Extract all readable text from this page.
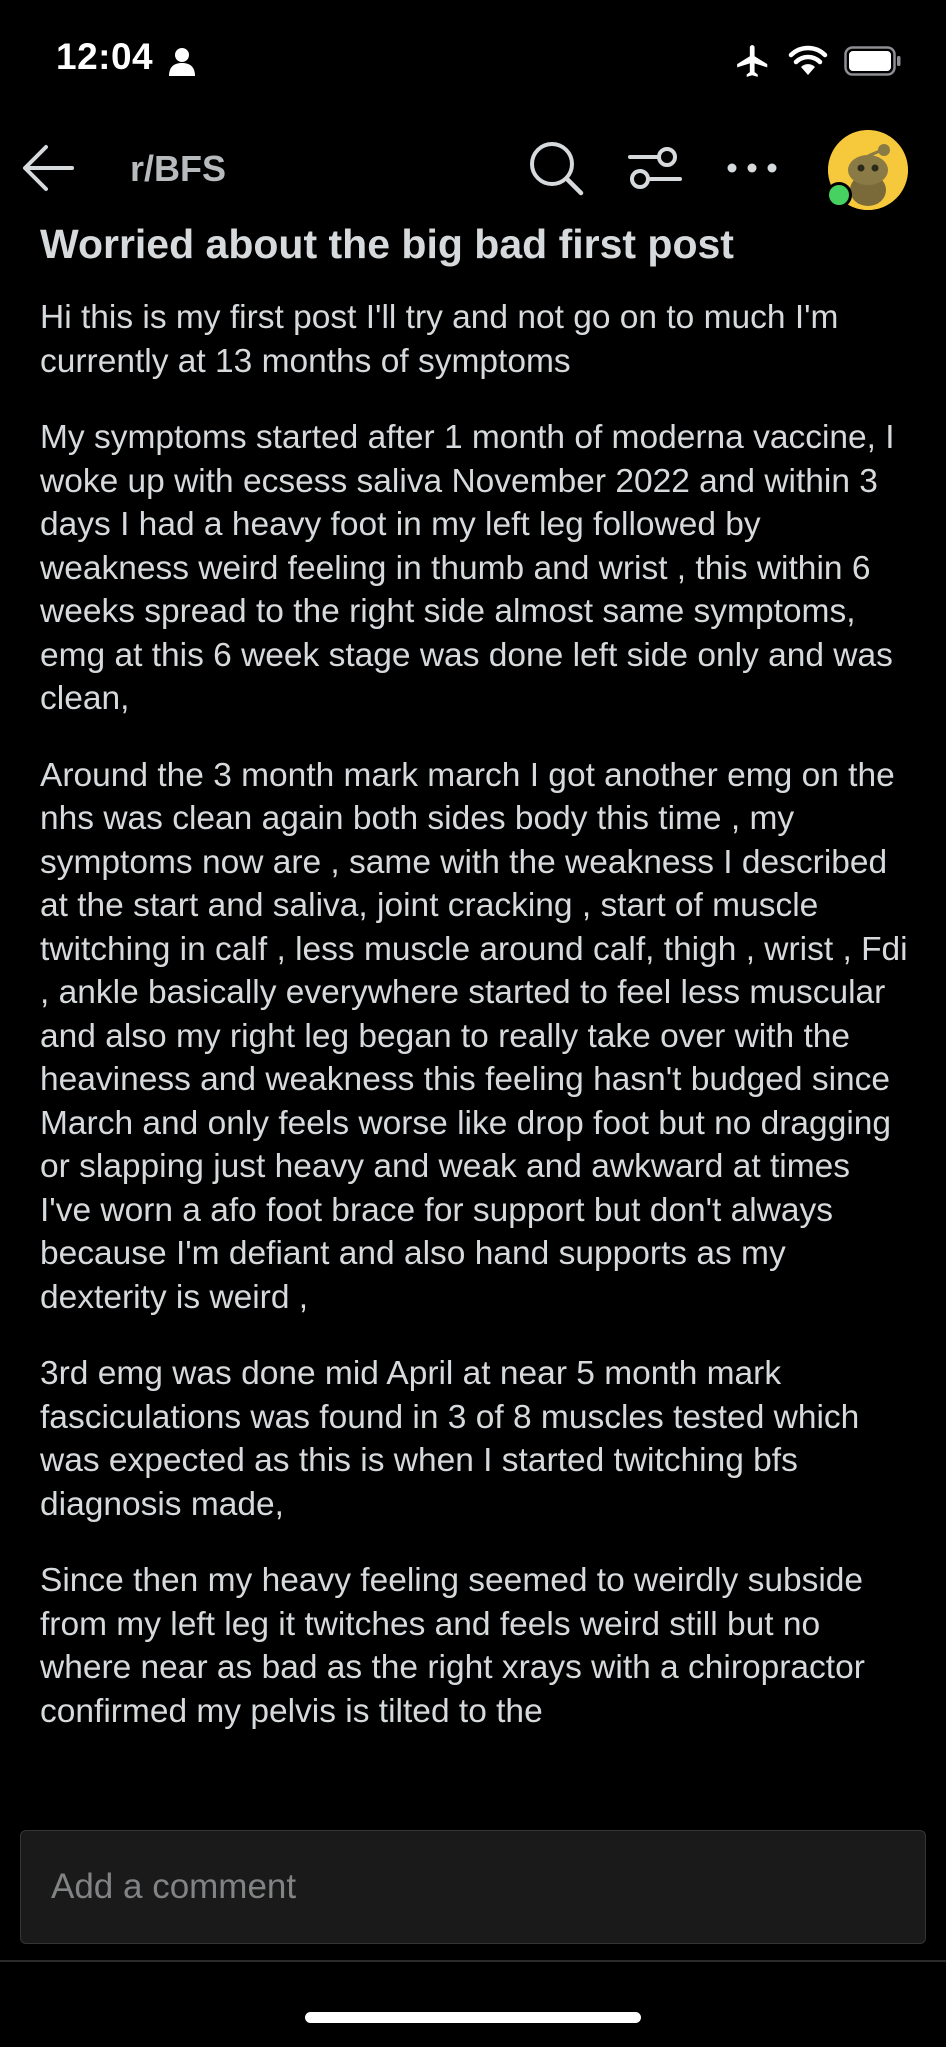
12:04
r/BFS
Worried about the big bad first post

Hi this is my first post I'll try and not go on to much I'm currently at 13 months of symptoms

My symptoms started after 1 month of moderna vaccine, I woke up with ecsess saliva November 2022 and within 3 days I had a heavy foot in my left leg followed by weakness weird feeling in thumb and wrist , this within 6 weeks spread to the right side almost same symptoms, emg at this 6 week stage was done left side only and was clean,

Around the 3 month mark march I got another emg on the nhs was clean again both sides body this time , my symptoms now are , same with the weakness I described at the start and saliva, joint cracking , start of muscle twitching in calf , less muscle around calf, thigh , wrist , Fdi , ankle basically everywhere started to feel less muscular and also my right leg began to really take over with the heaviness and weakness this feeling hasn't budged since March and only feels worse like drop foot but no dragging or slapping just heavy and weak and awkward at times I've worn a afo foot brace for support but don't always because I'm defiant and also hand supports as my dexterity is weird ,

3rd emg was done mid April at near 5 month mark fasciculations was found in 3 of 8 muscles tested which was expected as this is when I started twitching bfs diagnosis made,

Since then my heavy feeling seemed to weirdly subside from my left leg it twitches and feels weird still but no where near as bad as the right xrays with a chiropractor confirmed my pelvis is tilted to the

Add a comment
